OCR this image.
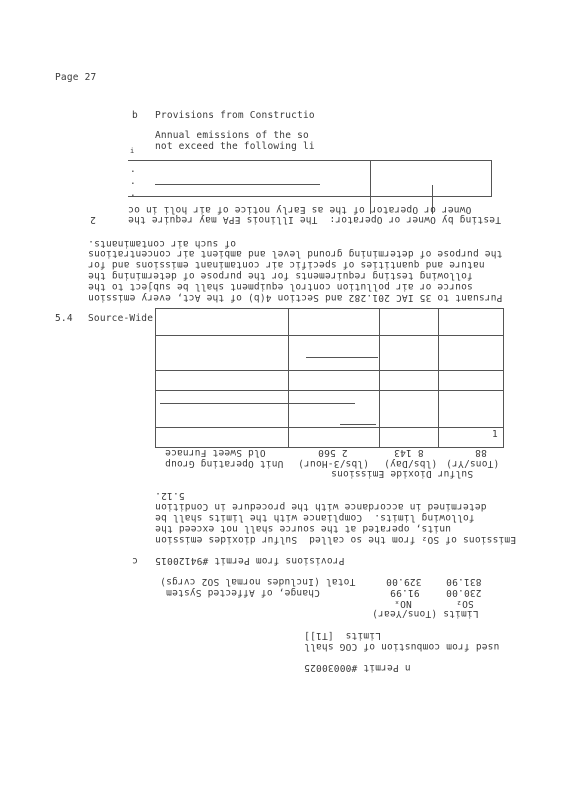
Page 27
b Provisions from Constructio
Annual emissions of the so
not exceed the following li
i
.
.
.
Owner or Operator of the as Early notice of air holi in oc
2	Testing by Owner or Operator:  The Illinois EPA may require the
of such air contaminants.
the purpose of determining ground level and ambient air concentrations
nature and quantities of specific air contaminant emissions and for
following testing requirements for the purpose of determining the
source or air pollution control equipment shall be subject to the
Pursuant to 35 IAC 201.282 and Section 4(b) of the Act, every emission
5.4 Source-Wide
1
Old Sweet Furnace	2 560	8 143	88
Unit Operating Group (lbs/3-Hour) (lbs/Day) (Tons/Yr)
Sulfur Dioxide Emissions
5.12.
determined in accordance with the procedure in Condition
following limits.  Compliance with the limits shall be
units, operated at the source shall not exceed the
Emissions of SO₂ from the so called  Sulfur dioxides emission
c Provisions from Permit #94120015
Total (Includes normal SO2 cvrgs)	329.00	831.90
Change, of Affected System	91.99	230.00
NOₓ	SO₂
Limits (Tons/Year)
Limits  [T1]]
used from combustion of COG shall
n Permit #00030025
